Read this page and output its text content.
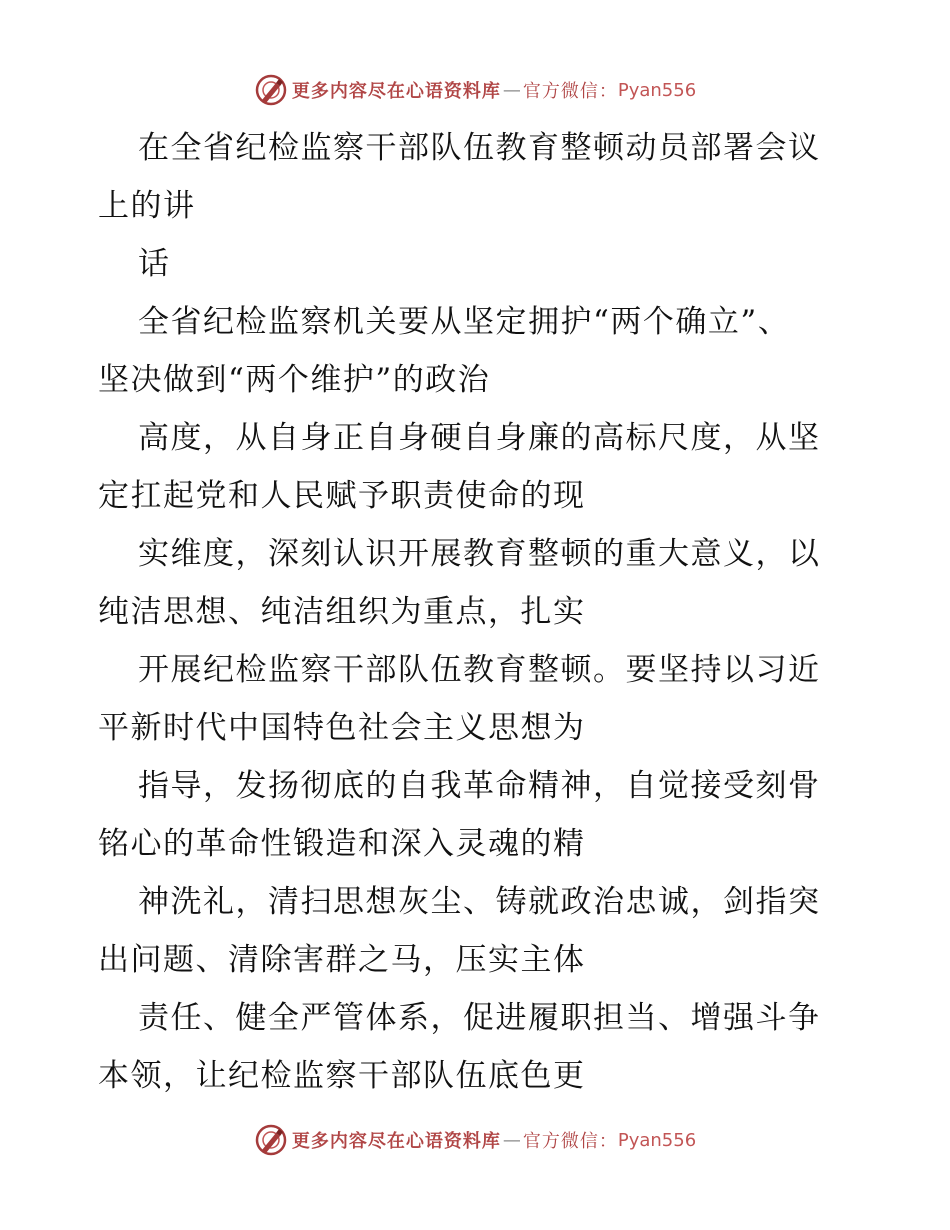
更多内容尽在心语资料库 — 官方微信： Pyan556

在全省纪检监察干部队伍教育整顿动员部署会议
上的讲

话

全省纪检监察机关要从坚定拥护“两个确立”、
坚决做到“两个维护”的政治

高度，从自身正自身硬自身廉的高标尺度，从坚
定扛起党和人民赋予职责使命的现

实维度，深刻认识开展教育整顿的重大意义，以
纯洁思想、纯洁组织为重点，扎实

开展纪检监察干部队伍教育整顿。要坚持以习近
平新时代中国特色社会主义思想为

指导，发扬彻底的自我革命精神，自觉接受刻骨
铭心的革命性锻造和深入灵魂的精

神洗礼，清扫思想灰尘、铸就政治忠诚，剑指突
出问题、清除害群之马，压实主体

责任、健全严管体系，促进履职担当、增强斗争
本领，让纪检监察干部队伍底色更

更多内容尽在心语资料库 — 官方微信： Pyan556
